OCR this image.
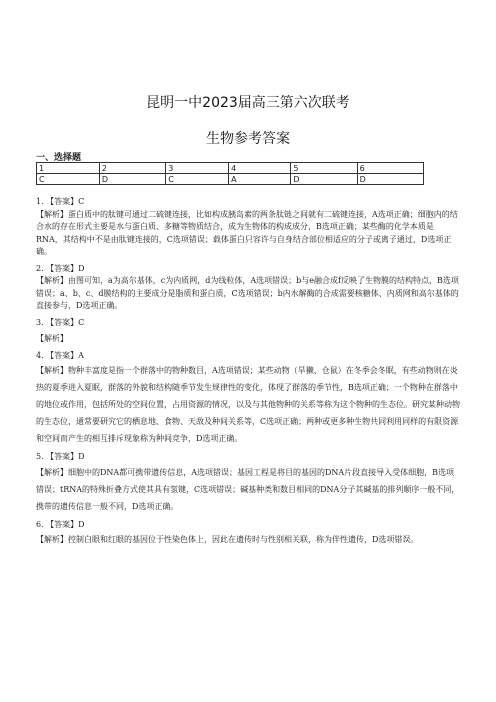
昆明一中2023届高三第六次联考
生物参考答案
一、选择题
1	2	3	4	5	6
C	D	C	A	D	D

1. 【答案】C

【解析】蛋白质中的肽键可通过二硫键连接，比如构成胰岛素的两条肽链之间就有二硫键连接，A选项正确；细胞内的结合水的存在形式主要是水与蛋白质、多糖等物质结合，成为生物体的构成成分，B选项正确；某些酶的化学本质是RNA，其结构中不是由肽键连接的，C选项错误；载体蛋白只容许与自身结合部位相适应的分子或离子通过，D选项正确。

2. 【答案】D

【解析】由图可知，a为高尔基体，c为内质网，d为线粒体，A选项错误；b与e融合成f反映了生物膜的结构特点，B选项错误；a、b、c、d膜结构的主要成分是脂质和蛋白质，C选项错误；b内水解酶的合成需要核糖体、内质网和高尔基体的直接参与，D选项正确。

3. 【答案】C

【解析】

4. 【答案】A

【解析】物种丰富度是指一个群落中的物种数目，A选项错误；某些动物（旱獭、仓鼠）在冬季会冬眠，有些动物则在炎热的夏季进入夏眠，群落的外貌和结构随季节发生规律性的变化，体现了群落的季节性，B选项正确；一个物种在群落中的地位或作用，包括所处的空间位置，占用资源的情况，以及与其他物种的关系等称为这个物种的生态位。研究某种动物的生态位，通常要研究它的栖息地、食物、天敌及种间关系等，C选项正确；两种或更多种生物共同利用同样的有限资源和空间而产生的相互排斥现象称为种间竞争，D选项正确。

5. 【答案】D

【解析】细胞中的DNA都可携带遗传信息，A选项错误；基因工程是将目的基因的DNA片段直接导入受体细胞，B选项错误；tRNA的特殊折叠方式使其具有氢键，C选项错误；碱基种类和数目相同的DNA分子其碱基的排列顺序一般不同，携带的遗传信息一般不同，D选项正确。

6. 【答案】D

【解析】控制白眼和红眼的基因位于性染色体上，因此在遗传时与性别相关联，称为伴性遗传，D选项错误。
